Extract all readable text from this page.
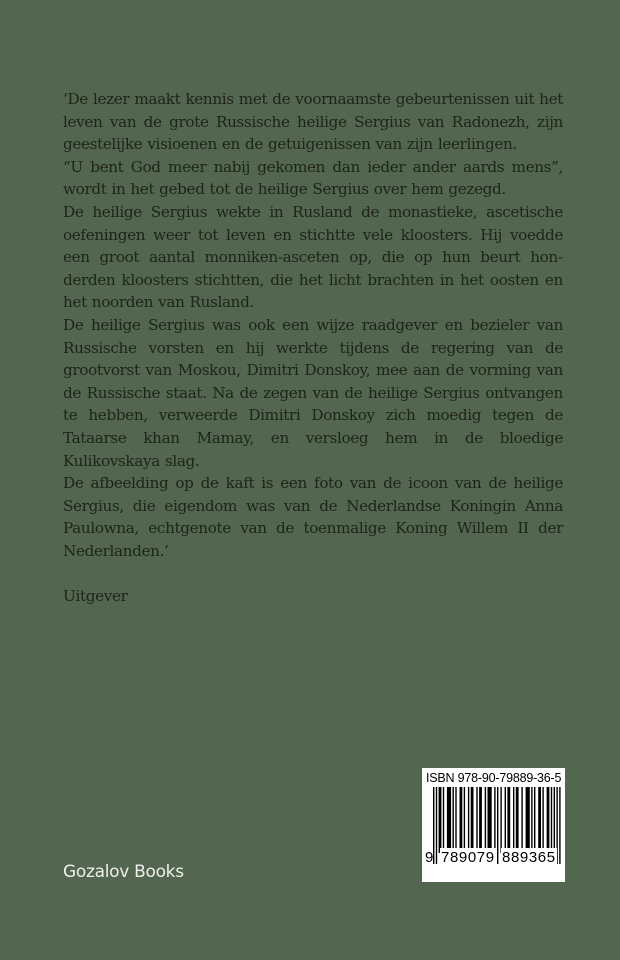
‘De lezer maakt kennis met de voornaamste gebeurtenissen uit het leven van de grote Russische heilige Sergius van Radonezh, zijn geestelijke visioenen en de getuigenissen van zijn leerlingen.

“U bent God meer nabij gekomen dan ieder ander aards mens”, wordt in het gebed tot de heilige Sergius over hem gezegd.

De heilige Sergius wekte in Rusland de monastieke, ascetische oefeningen weer tot leven en stichtte vele kloosters. Hij voedde een groot aantal monniken-asceten op, die op hun beurt honderden kloosters stichtten, die het licht brachten in het oosten en het noorden van Rusland.

De heilige Sergius was ook een wijze raadgever en bezieler van Russische vorsten en hij werkte tijdens de regering van de grootvorst van Moskou, Dimitri Donskoy, mee aan de vorming van de Russische staat. Na de zegen van de heilige Sergius ontvangen te hebben, verweerde Dimitri Donskoy zich moedig tegen de Tataarse khan Mamay, en versloeg hem in de bloedige Kulikovskaya slag.

De afbeelding op de kaft is een foto van de icoon van de heilige Sergius, die eigendom was van de Nederlandse Koningin Anna Paulowna, echtgenote van de toenmalige Koning Willem II der Nederlanden.’

Uitgever

ISBN 978-90-79889-36-5
9 789079 889365
Gozalov Books
